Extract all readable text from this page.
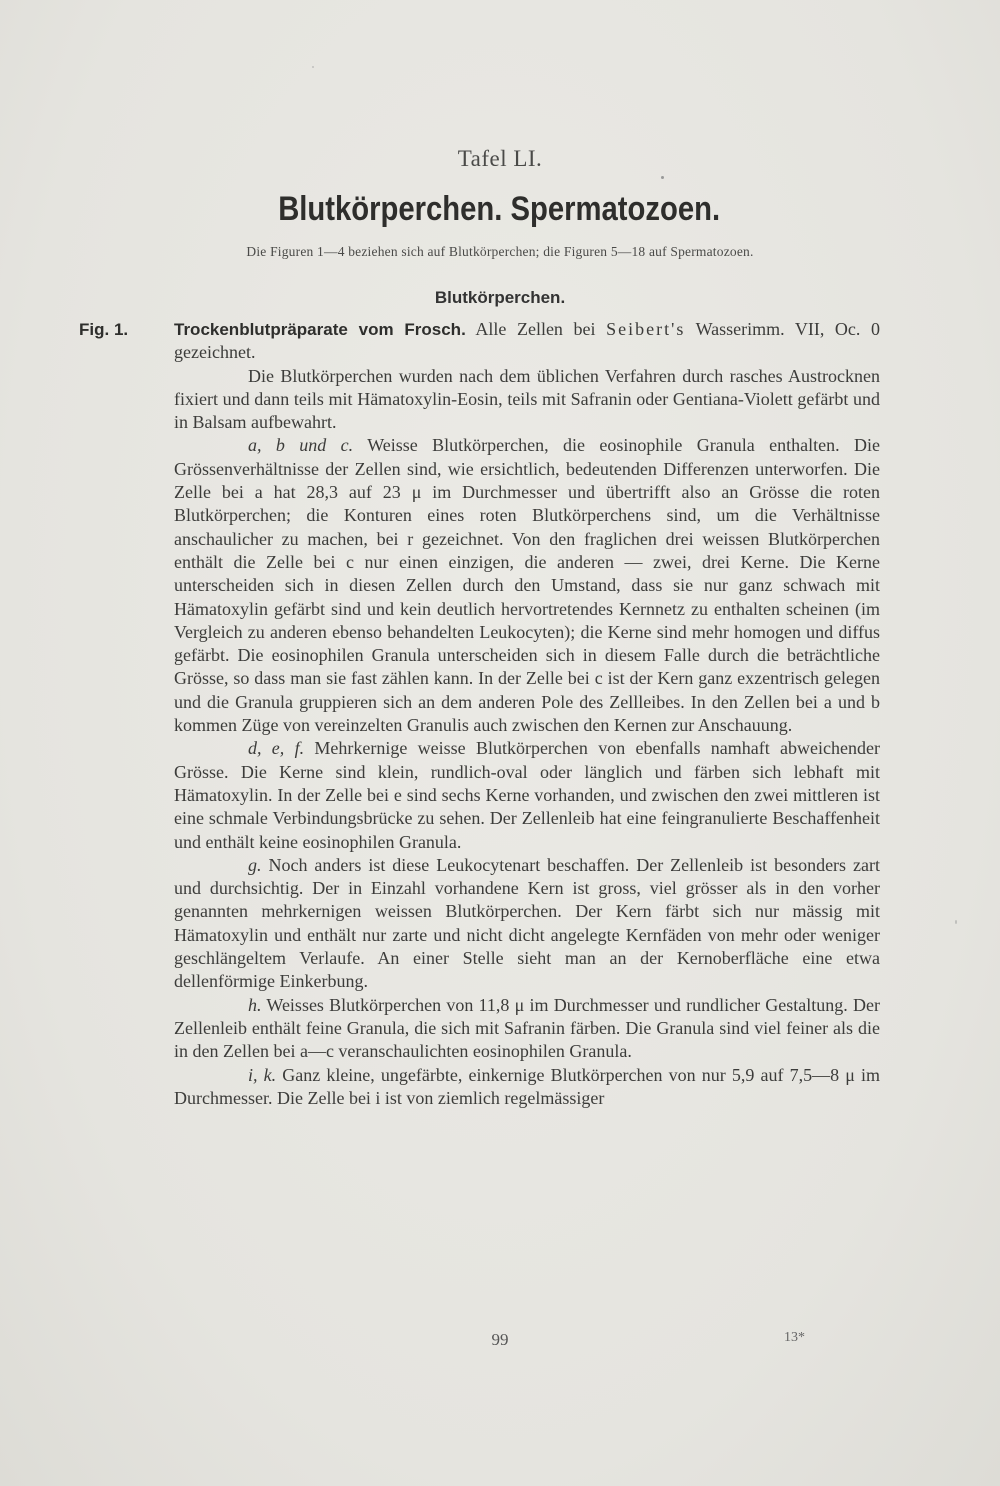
Tafel LI.
Blutkörperchen. Spermatozoen.
Die Figuren 1—4 beziehen sich auf Blutkörperchen; die Figuren 5—18 auf Spermatozoen.
Blutkörperchen.

Fig. 1.	Trockenblutpräparate vom Frosch. Alle Zellen bei Seibert's Wasserimm. VII, Oc. 0 gezeichnet.

Die Blutkörperchen wurden nach dem üblichen Verfahren durch rasches Austrocknen fixiert und dann teils mit Hämatoxylin-Eosin, teils mit Safranin oder Gentiana-Violett gefärbt und in Balsam aufbewahrt.

a, b und c. Weisse Blutkörperchen, die eosinophile Granula enthalten. Die Grössenverhältnisse der Zellen sind, wie ersichtlich, bedeutenden Differenzen unterworfen. Die Zelle bei a hat 28,3 auf 23 μ im Durchmesser und übertrifft also an Grösse die roten Blutkörperchen; die Konturen eines roten Blutkörperchens sind, um die Verhältnisse anschaulicher zu machen, bei r gezeichnet. Von den fraglichen drei weissen Blutkörperchen enthält die Zelle bei c nur einen einzigen, die anderen — zwei, drei Kerne. Die Kerne unterscheiden sich in diesen Zellen durch den Umstand, dass sie nur ganz schwach mit Hämatoxylin gefärbt sind und kein deutlich hervortretendes Kernnetz zu enthalten scheinen (im Vergleich zu anderen ebenso behandelten Leukocyten); die Kerne sind mehr homogen und diffus gefärbt. Die eosinophilen Granula unterscheiden sich in diesem Falle durch die beträchtliche Grösse, so dass man sie fast zählen kann. In der Zelle bei c ist der Kern ganz exzentrisch gelegen und die Granula gruppieren sich an dem anderen Pole des Zellleibes. In den Zellen bei a und b kommen Züge von vereinzelten Granulis auch zwischen den Kernen zur Anschauung.

d, e, f. Mehrkernige weisse Blutkörperchen von ebenfalls namhaft abweichender Grösse. Die Kerne sind klein, rundlich-oval oder länglich und färben sich lebhaft mit Hämatoxylin. In der Zelle bei e sind sechs Kerne vorhanden, und zwischen den zwei mittleren ist eine schmale Verbindungsbrücke zu sehen. Der Zellenleib hat eine feingranulierte Beschaffenheit und enthält keine eosinophilen Granula.

g. Noch anders ist diese Leukocytenart beschaffen. Der Zellenleib ist besonders zart und durchsichtig. Der in Einzahl vorhandene Kern ist gross, viel grösser als in den vorher genannten mehrkernigen weissen Blutkörperchen. Der Kern färbt sich nur mässig mit Hämatoxylin und enthält nur zarte und nicht dicht angelegte Kernfäden von mehr oder weniger geschlängeltem Verlaufe. An einer Stelle sieht man an der Kernoberfläche eine etwa dellenförmige Einkerbung.

h. Weisses Blutkörperchen von 11,8 μ im Durchmesser und rundlicher Gestaltung. Der Zellenleib enthält feine Granula, die sich mit Safranin färben. Die Granula sind viel feiner als die in den Zellen bei a—c veranschaulichten eosinophilen Granula.

i, k. Ganz kleine, ungefärbte, einkernige Blutkörperchen von nur 5,9 auf 7,5—8 μ im Durchmesser. Die Zelle bei i ist von ziemlich regelmässiger

99	13*
